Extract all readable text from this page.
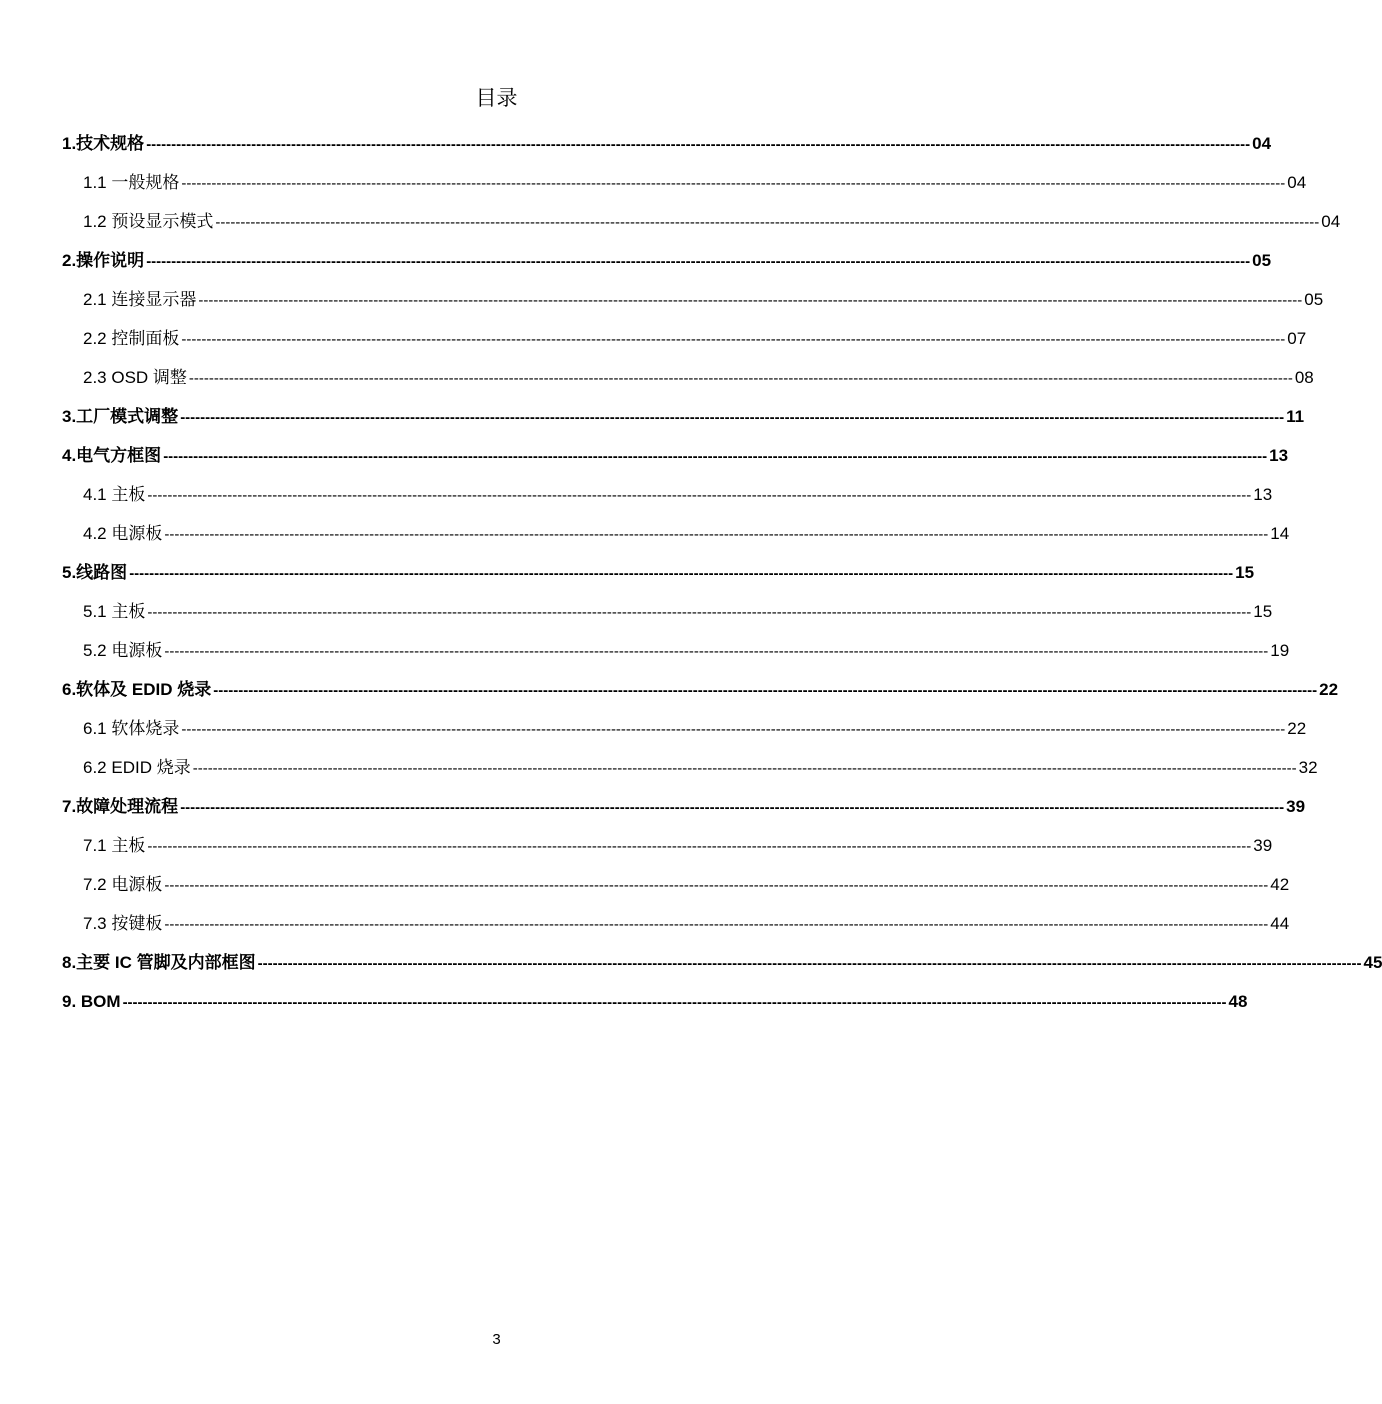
目录
1.技术规格 ----------------------------------------------------------------------------------------------------------------------------------------------------------------------------------------------------------------------------- 04
1.1 一般规格 ----------------------------------------------------------------------------------------------------------------------------------------------------------------------------------------------------------------------------- 04
1.2 预设显示模式 ----------------------------------------------------------------------------------------------------------------------------------------------------------------------------------------------------------------------------- 04
2.操作说明 ----------------------------------------------------------------------------------------------------------------------------------------------------------------------------------------------------------------------------- 05
2.1 连接显示器 ----------------------------------------------------------------------------------------------------------------------------------------------------------------------------------------------------------------------------- 05
2.2 控制面板 ----------------------------------------------------------------------------------------------------------------------------------------------------------------------------------------------------------------------------- 07
2.3 OSD 调整 ----------------------------------------------------------------------------------------------------------------------------------------------------------------------------------------------------------------------------- 08
3.工厂模式调整 ----------------------------------------------------------------------------------------------------------------------------------------------------------------------------------------------------------------------------- 11
4.电气方框图 ----------------------------------------------------------------------------------------------------------------------------------------------------------------------------------------------------------------------------- 13
4.1 主板 ----------------------------------------------------------------------------------------------------------------------------------------------------------------------------------------------------------------------------- 13
4.2 电源板 ----------------------------------------------------------------------------------------------------------------------------------------------------------------------------------------------------------------------------- 14
5.线路图 ----------------------------------------------------------------------------------------------------------------------------------------------------------------------------------------------------------------------------- 15
5.1 主板 ----------------------------------------------------------------------------------------------------------------------------------------------------------------------------------------------------------------------------- 15
5.2 电源板 ----------------------------------------------------------------------------------------------------------------------------------------------------------------------------------------------------------------------------- 19
6.软体及 EDID 烧录 ----------------------------------------------------------------------------------------------------------------------------------------------------------------------------------------------------------------------------- 22
6.1 软体烧录 ----------------------------------------------------------------------------------------------------------------------------------------------------------------------------------------------------------------------------- 22
6.2 EDID 烧录 ----------------------------------------------------------------------------------------------------------------------------------------------------------------------------------------------------------------------------- 32
7.故障处理流程 ----------------------------------------------------------------------------------------------------------------------------------------------------------------------------------------------------------------------------- 39
7.1 主板 ----------------------------------------------------------------------------------------------------------------------------------------------------------------------------------------------------------------------------- 39
7.2 电源板 ----------------------------------------------------------------------------------------------------------------------------------------------------------------------------------------------------------------------------- 42
7.3 按键板 ----------------------------------------------------------------------------------------------------------------------------------------------------------------------------------------------------------------------------- 44
8.主要 IC 管脚及内部框图 ----------------------------------------------------------------------------------------------------------------------------------------------------------------------------------------------------------------------------- 45
9. BOM ----------------------------------------------------------------------------------------------------------------------------------------------------------------------------------------------------------------------------- 48
3
